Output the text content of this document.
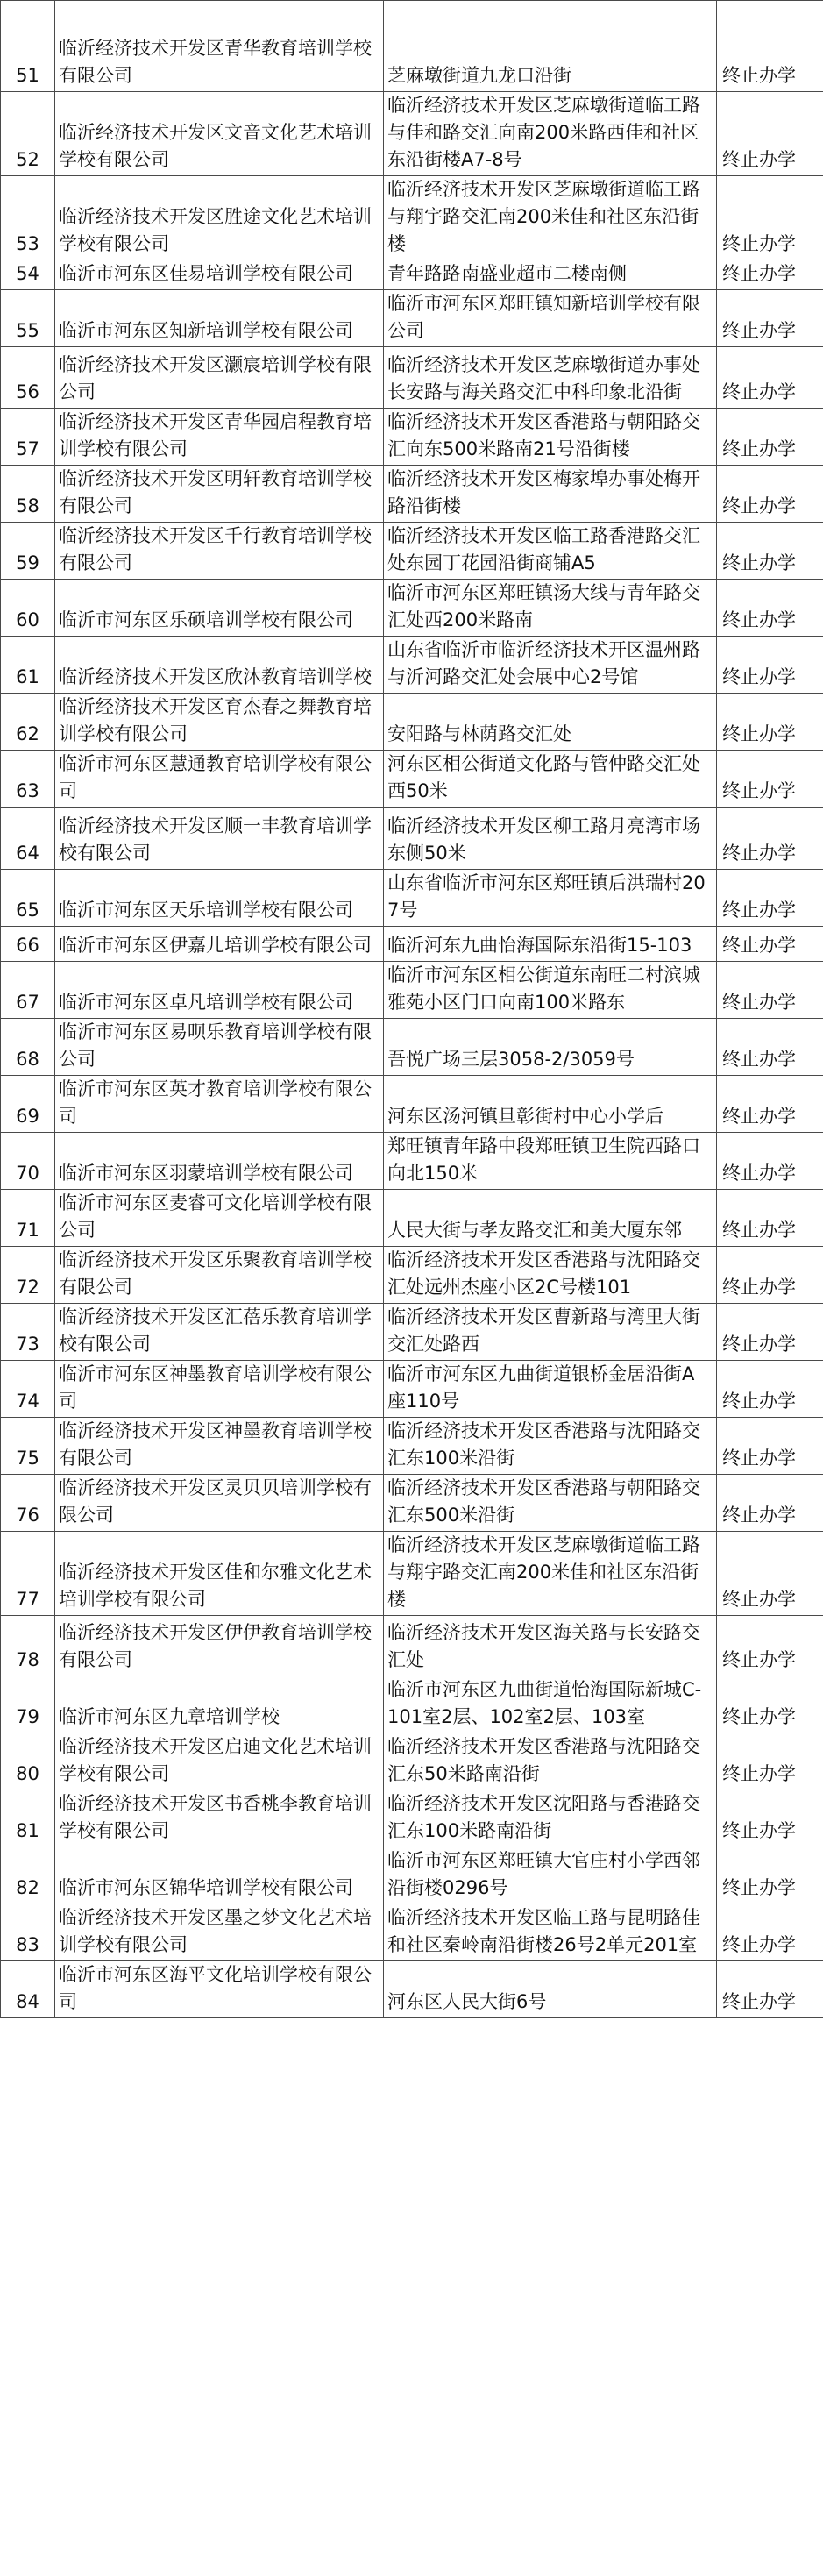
51	临沂经济技术开发区青华教育培训学校有限公司	芝麻墩街道九龙口沿街	终止办学
52	临沂经济技术开发区文音文化艺术培训学校有限公司	临沂经济技术开发区芝麻墩街道临工路与佳和路交汇向南200米路西佳和社区东沿街楼A7-8号	终止办学
53	临沂经济技术开发区胜途文化艺术培训学校有限公司	临沂经济技术开发区芝麻墩街道临工路与翔宇路交汇南200米佳和社区东沿街楼	终止办学
54	临沂市河东区佳易培训学校有限公司	青年路路南盛业超市二楼南侧	终止办学
55	临沂市河东区知新培训学校有限公司	临沂市河东区郑旺镇知新培训学校有限公司	终止办学
56	临沂经济技术开发区灏宸培训学校有限公司	临沂经济技术开发区芝麻墩街道办事处长安路与海关路交汇中科印象北沿街	终止办学
57	临沂经济技术开发区青华园启程教育培训学校有限公司	临沂经济技术开发区香港路与朝阳路交汇向东500米路南21号沿街楼	终止办学
58	临沂经济技术开发区明轩教育培训学校有限公司	临沂经济技术开发区梅家埠办事处梅开路沿街楼	终止办学
59	临沂经济技术开发区千行教育培训学校有限公司	临沂经济技术开发区临工路香港路交汇处东园丁花园沿街商铺A5	终止办学
60	临沂市河东区乐硕培训学校有限公司	临沂市河东区郑旺镇汤大线与青年路交汇处西200米路南	终止办学
61	临沂经济技术开发区欣沐教育培训学校	山东省临沂市临沂经济技术开区温州路与沂河路交汇处会展中心2号馆	终止办学
62	临沂经济技术开发区育杰春之舞教育培训学校有限公司	安阳路与林荫路交汇处	终止办学
63	临沂市河东区慧通教育培训学校有限公司	河东区相公街道文化路与管仲路交汇处西50米	终止办学
64	临沂经济技术开发区顺一丰教育培训学校有限公司	临沂经济技术开发区柳工路月亮湾市场东侧50米	终止办学
65	临沂市河东区天乐培训学校有限公司	山东省临沂市河东区郑旺镇后洪瑞村207号	终止办学
66	临沂市河东区伊嘉儿培训学校有限公司	临沂河东九曲怡海国际东沿街15-103	终止办学
67	临沂市河东区卓凡培训学校有限公司	临沂市河东区相公街道东南旺二村滨城雅苑小区门口向南100米路东	终止办学
68	临沂市河东区易呗乐教育培训学校有限公司	吾悦广场三层3058-2/3059号	终止办学
69	临沂市河东区英才教育培训学校有限公司	河东区汤河镇旦彰街村中心小学后	终止办学
70	临沂市河东区羽蒙培训学校有限公司	郑旺镇青年路中段郑旺镇卫生院西路口向北150米	终止办学
71	临沂市河东区麦睿可文化培训学校有限公司	人民大街与孝友路交汇和美大厦东邻	终止办学
72	临沂经济技术开发区乐聚教育培训学校有限公司	临沂经济技术开发区香港路与沈阳路交汇处远州杰座小区2C号楼101	终止办学
73	临沂经济技术开发区汇蓓乐教育培训学校有限公司	临沂经济技术开发区曹新路与湾里大街交汇处路西	终止办学
74	临沂市河东区神墨教育培训学校有限公司	临沂市河东区九曲街道银桥金居沿街A座110号	终止办学
75	临沂经济技术开发区神墨教育培训学校有限公司	临沂经济技术开发区香港路与沈阳路交汇东100米沿街	终止办学
76	临沂经济技术开发区灵贝贝培训学校有限公司	临沂经济技术开发区香港路与朝阳路交汇东500米沿街	终止办学
77	临沂经济技术开发区佳和尔雅文化艺术培训学校有限公司	临沂经济技术开发区芝麻墩街道临工路与翔宇路交汇南200米佳和社区东沿街楼	终止办学
78	临沂经济技术开发区伊伊教育培训学校有限公司	临沂经济技术开发区海关路与长安路交汇处	终止办学
79	临沂市河东区九章培训学校	临沂市河东区九曲街道怡海国际新城C-101室2层、102室2层、103室	终止办学
80	临沂经济技术开发区启迪文化艺术培训学校有限公司	临沂经济技术开发区香港路与沈阳路交汇东50米路南沿街	终止办学
81	临沂经济技术开发区书香桃李教育培训学校有限公司	临沂经济技术开发区沈阳路与香港路交汇东100米路南沿街	终止办学
82	临沂市河东区锦华培训学校有限公司	临沂市河东区郑旺镇大官庄村小学西邻沿街楼0296号	终止办学
83	临沂经济技术开发区墨之梦文化艺术培训学校有限公司	临沂经济技术开发区临工路与昆明路佳和社区秦岭南沿街楼26号2单元201室	终止办学
84	临沂市河东区海平文化培训学校有限公司	河东区人民大街6号	终止办学
